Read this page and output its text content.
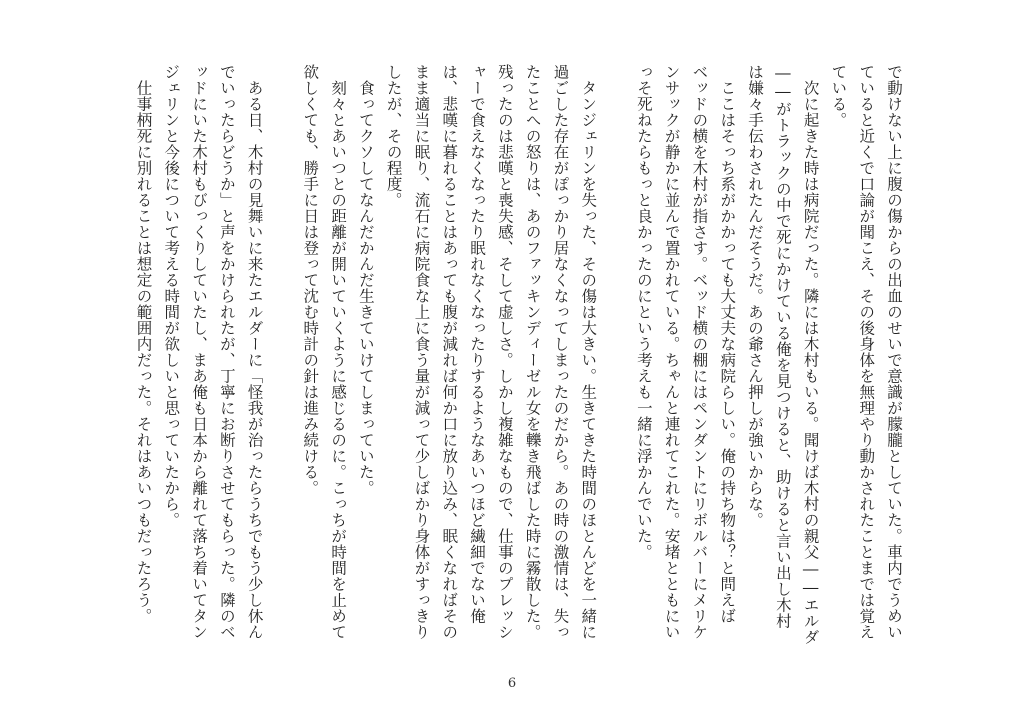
で動けない上に腹の傷からの出血のせいで意識が朦朧としていた。車内でうめい
ていると近くで口論が聞こえ、その後身体を無理やり動かされたことまでは覚え
ている。
　次に起きた時は病院だった。隣には木村もいる。聞けば木村の親父――エルダ
――がトラックの中で死にかけている俺を見つけると、助けると言い出し木村
は嫌々手伝わされたんだそうだ。あの爺さん押しが強いからな。
　ここはそっち系がかかっても大丈夫な病院らしい。俺の持ち物は？と問えば
ベッドの横を木村が指さす。ベッド横の棚にはペンダントにリボルバーにメリケ
ンサックが静かに並んで置かれている。ちゃんと連れてこれた。安堵とともにい
っそ死ねたらもっと良かったのにという考えも一緒に浮かんでいた。
　タンジェリンを失った、その傷は大きい。生きてきた時間のほとんどを一緒に
過ごした存在がぽっかり居なくなってしまったのだから。あの時の激情は、失っ
たことへの怒りは、あのファッキンディーゼル女を轢き飛ばした時に霧散した。
残ったのは悲嘆と喪失感、そして虚しさ。しかし複雑なもので、仕事のプレッシ
ャーで食えなくなったり眠れなくなったりするようなあいつほど繊細でない俺
は、悲嘆に暮れることはあっても腹が減れば何か口に放り込み、眠くなればその
まま適当に眠り、流石に病院食な上に食う量が減って少しばかり身体がすっきり
したが、その程度。
　食ってクソしてなんだかんだ生きていけてしまっていた。
　刻々とあいつとの距離が開いていくように感じるのに。こっちが時間を止めて
欲しくても、勝手に日は登って沈む時計の針は進み続ける。
　ある日、木村の見舞いに来たエルダーに「怪我が治ったらうちでもう少し休ん
でいったらどうか」と声をかけられたが、丁寧にお断りさせてもらった。隣のベ
ッドにいた木村もびっくりしていたし、まあ俺も日本から離れて落ち着いてタン
ジェリンと今後について考える時間が欲しいと思っていたから。
　仕事柄死に別れることは想定の範囲内だった。それはあいつもだったろう。
6
